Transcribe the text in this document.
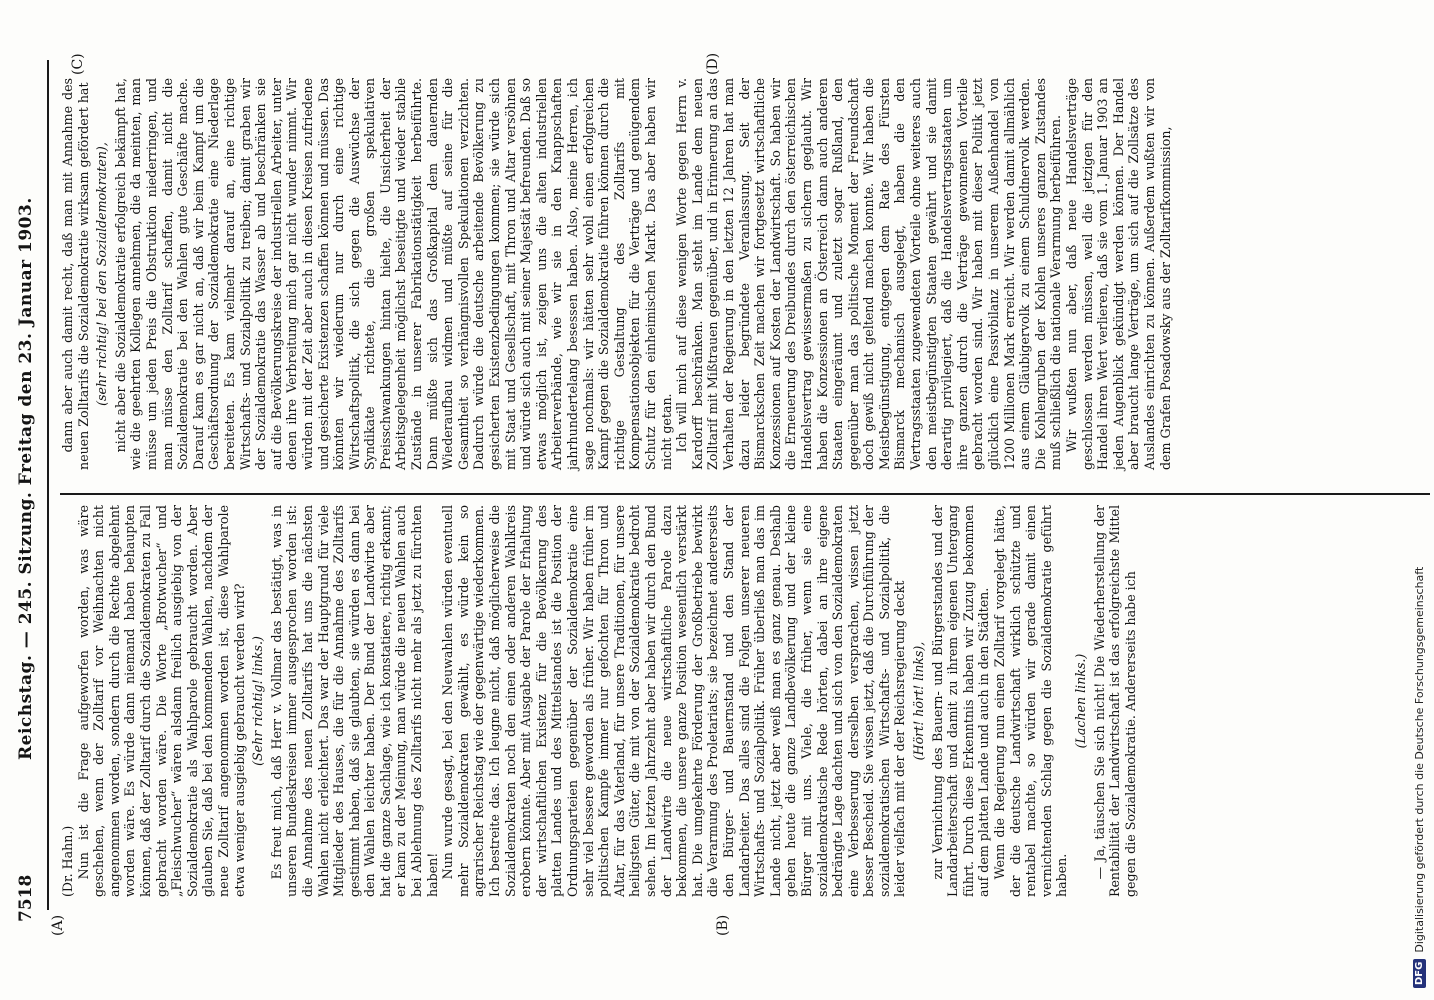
7518
Reichstag. — 245. Sitzung. Freitag den 23. Januar 1903.
(A)	(B)
(C)	(D)

(Dr. Hahn.) Nun ist die Frage aufgeworfen worden, was wäre geschehen, wenn der Zolltarif vor Weihnachten nicht angenommen worden, sondern durch die Rechte abgelehnt worden wäre. Es würde dann niemand haben behaupten können, daß der Zolltarif durch die Sozialdemokraten zu Fall gebracht worden wäre. Die Worte „Brotwucher“ und „Fleischwucher“ wären alsdann freilich ausgiebig von der Sozialdemokratie als Wahlparole gebraucht worden. Aber glauben Sie, daß bei den kommenden Wahlen, nachdem der neue Zolltarif angenommen worden ist, diese Wahlparole etwa weniger ausgiebig gebraucht werden wird? (Sehr richtig! links.) Es freut mich, daß Herr v. Vollmar das bestätigt, was in unseren Bundeskreisen immer ausgesprochen worden ist: die Annahme des neuen Zolltarifs hat uns die nächsten Wahlen nicht erleichtert. Das war der Hauptgrund für viele Mitglieder des Hauses, die für die Annahme des Zolltarifs gestimmt haben, daß sie glaubten, sie würden es dann bei den Wahlen leichter haben. Der Bund der Landwirte aber hat die ganze Sachlage, wie ich konstatiere, richtig erkannt; er kam zu der Meinung, man würde die neuen Wahlen auch bei Ablehnung des Zolltarifs nicht mehr als jetzt zu fürchten haben! Nun wurde gesagt, bei den Neuwahlen würden eventuell mehr Sozialdemokraten gewählt, es würde kein so agrarischer Reichstag wie der gegenwärtige wiederkommen. Ich bestreite das. Ich leugne nicht, daß möglicherweise die Sozialdemokraten noch den einen oder anderen Wahlkreis erobern könnte. Aber mit Ausgabe der Parole der Erhaltung der wirtschaftlichen Existenz für die Bevölkerung des platten Landes und des Mittelstandes ist die Position der Ordnungsparteien gegenüber der Sozialdemokratie eine sehr viel bessere geworden als früher. Wir haben früher im politischen Kampfe immer nur gefochten für Thron und Altar, für das Vaterland, für unsere Traditionen, für unsere heiligsten Güter, die mit von der Sozialdemokratie bedroht sehen. Im letzten Jahrzehnt aber haben wir durch den Bund der Landwirte die neue wirtschaftliche Parole dazu bekommen, die unsere ganze Position wesentlich verstärkt hat. Die umgekehrte Förderung der Großbetriebe bewirkt die Verarmung des Proletariats; sie bezeichnet andererseits den Bürger- und Bauernstand und den Stand der Landarbeiter. Das alles sind die Folgen unserer neueren Wirtschafts- und Sozialpolitik. Früher überließ man das im Lande nicht, jetzt aber weiß man es ganz genau. Deshalb gehen heute die ganze Landbevölkerung und der kleine Bürger mit uns. Viele, die früher, wenn sie eine sozialdemokratische Rede hörten, dabei an ihre eigene bedrängte Lage dachten und sich von den Sozialdemokraten eine Verbesserung derselben versprachen, wissen jetzt besser Bescheid. Sie wissen jetzt, daß die Durchführung der sozialdemokratischen Wirtschafts- und Sozialpolitik, die leider vielfach mit der der Reichsregierung deckt (Hört! hört! links), zur Vernichtung des Bauern- und Bürgerstandes und der Landarbeiterschaft und damit zu ihrem eigenen Untergang führt. Durch diese Erkenntnis haben wir Zuzug bekommen auf dem platten Lande und auch in den Städten. Wenn die Regierung nun einen Zolltarif vorgelegt hätte, der die deutsche Landwirtschaft wirklich schützte und rentabel machte, so würden wir gerade damit einen vernichtenden Schlag gegen die Sozialdemokratie geführt haben.

(Lachen links.) — Ja, täuschen Sie sich nicht! Die Wiederherstellung der Rentabilität der Landwirtschaft ist das erfolgreichste Mittel gegen die Sozialdemokratie. Andererseits habe ich

dann aber auch damit recht, daß man mit Annahme des neuen Zolltarifs die Sozialdemokratie wirksam gefördert hat (sehr richtig! bei den Sozialdemokraten), nicht aber die Sozialdemokratie erfolgreich bekämpft hat, wie die geehrten Kollegen annehmen, die da meinten, man müsse um jeden Preis die Obstruktion niederringen, und man müsse den Zolltarif schaffen, damit nicht die Sozialdemokratie bei den Wahlen gute Geschäfte mache. Darauf kam es gar nicht an, daß wir beim Kampf um die Geschäftsordnung der Sozialdemokratie eine Niederlage bereiteten. Es kam vielmehr darauf an, eine richtige Wirtschafts- und Sozialpolitik zu treiben; damit graben wir der Sozialdemokratie das Wasser ab und beschränken sie auf die Bevölkerungskreise der industriellen Arbeiter, unter denen ihre Verbreitung mich gar nicht wunder nimmt. Wir würden mit der Zeit aber auch in diesen Kreisen zufriedene und gesicherte Existenzen schaffen können und müssen. Das könnten wir wiederum nur durch eine richtige Wirtschaftspolitik, die sich gegen die Auswüchse der Syndikate richtete, die großen spekulativen Preisschwankungen hintan hielte, die Unsicherheit der Arbeitsgelegenheit möglichst beseitigte und wieder stabile Zustände in unserer Fabrikationstätigkeit herbeiführte. Dann müßte sich das Großkapital dem dauernden Wiederaufbau widmen und müßte auf seine für die Gesamtheit so verhängnisvollen Spekulationen verzichten. Dadurch würde die deutsche arbeitende Bevölkerung zu gesicherten Existenzbedingungen kommen; sie würde sich mit Staat und Gesellschaft, mit Thron und Altar versöhnen und würde sich auch mit seiner Majestät befreunden. Daß so etwas möglich ist, zeigen uns die alten industriellen Arbeiterverbände, wie wir sie in den Knappschaften jahrhundertelang besessen haben. Also, meine Herren, ich sage nochmals: wir hätten sehr wohl einen erfolgreichen Kampf gegen die Sozialdemokratie führen können durch die richtige Gestaltung des Zolltarifs mit Kompensationsobjekten für die Verträge und genügendem Schutz für den einheimischen Markt. Das aber haben wir nicht getan. Ich will mich auf diese wenigen Worte gegen Herrn v. Kardorff beschränken. Man steht im Lande dem neuen Zolltarif mit Mißtrauen gegenüber, und in Erinnerung an das Verhalten der Regierung in den letzten 12 Jahren hat man dazu leider begründete Veranlassung. Seit der Bismarckschen Zeit machen wir fortgesetzt wirtschaftliche Konzessionen auf Kosten der Landwirtschaft. So haben wir die Erneuerung des Dreibundes durch den österreichischen Handelsvertrag gewissermaßen zu sichern geglaubt. Wir haben die Konzessionen an Österreich dann auch anderen Staaten eingeräumt und zuletzt sogar Rußland, den gegenüber man das politische Moment der Freundschaft doch gewiß nicht geltend machen konnte. Wir haben die Meistbegünstigung, entgegen dem Rate des Fürsten Bismarck mechanisch ausgelegt, haben die den Vertragsstaaten zugewendeten Vorteile ohne weiteres auch den meistbegünstigten Staaten gewährt und sie damit derartig privilegiert, daß die Handelsvertragsstaaten um ihre ganzen durch die Verträge gewonnenen Vorteile gebracht worden sind. Wir haben mit dieser Politik jetzt glücklich eine Passivbilanz in unserem Außenhandel von 1200 Millionen Mark erreicht. Wir werden damit allmählich aus einem Gläubigervolk zu einem Schuldnervolk werden. Die Kohlengruben der Kohlen unseres ganzen Zustandes muß schließlich die nationale Verarmung herbeiführen. Wir wußten nun aber, daß neue Handelsverträge geschlossen werden müssen, weil die jetzigen für den Handel ihren Wert verlieren, daß sie vom 1. Januar 1903 an jeden Augenblick gekündigt werden können. Der Handel aber braucht lange Verträge, um sich auf die Zollsätze des Auslandes einrichten zu können. Außerdem wußten wir von dem Grafen Posadowsky aus der Zolltarifkommission,

DFG
Digitalisierung gefördert durch die Deutsche Forschungsgemeinschaft
